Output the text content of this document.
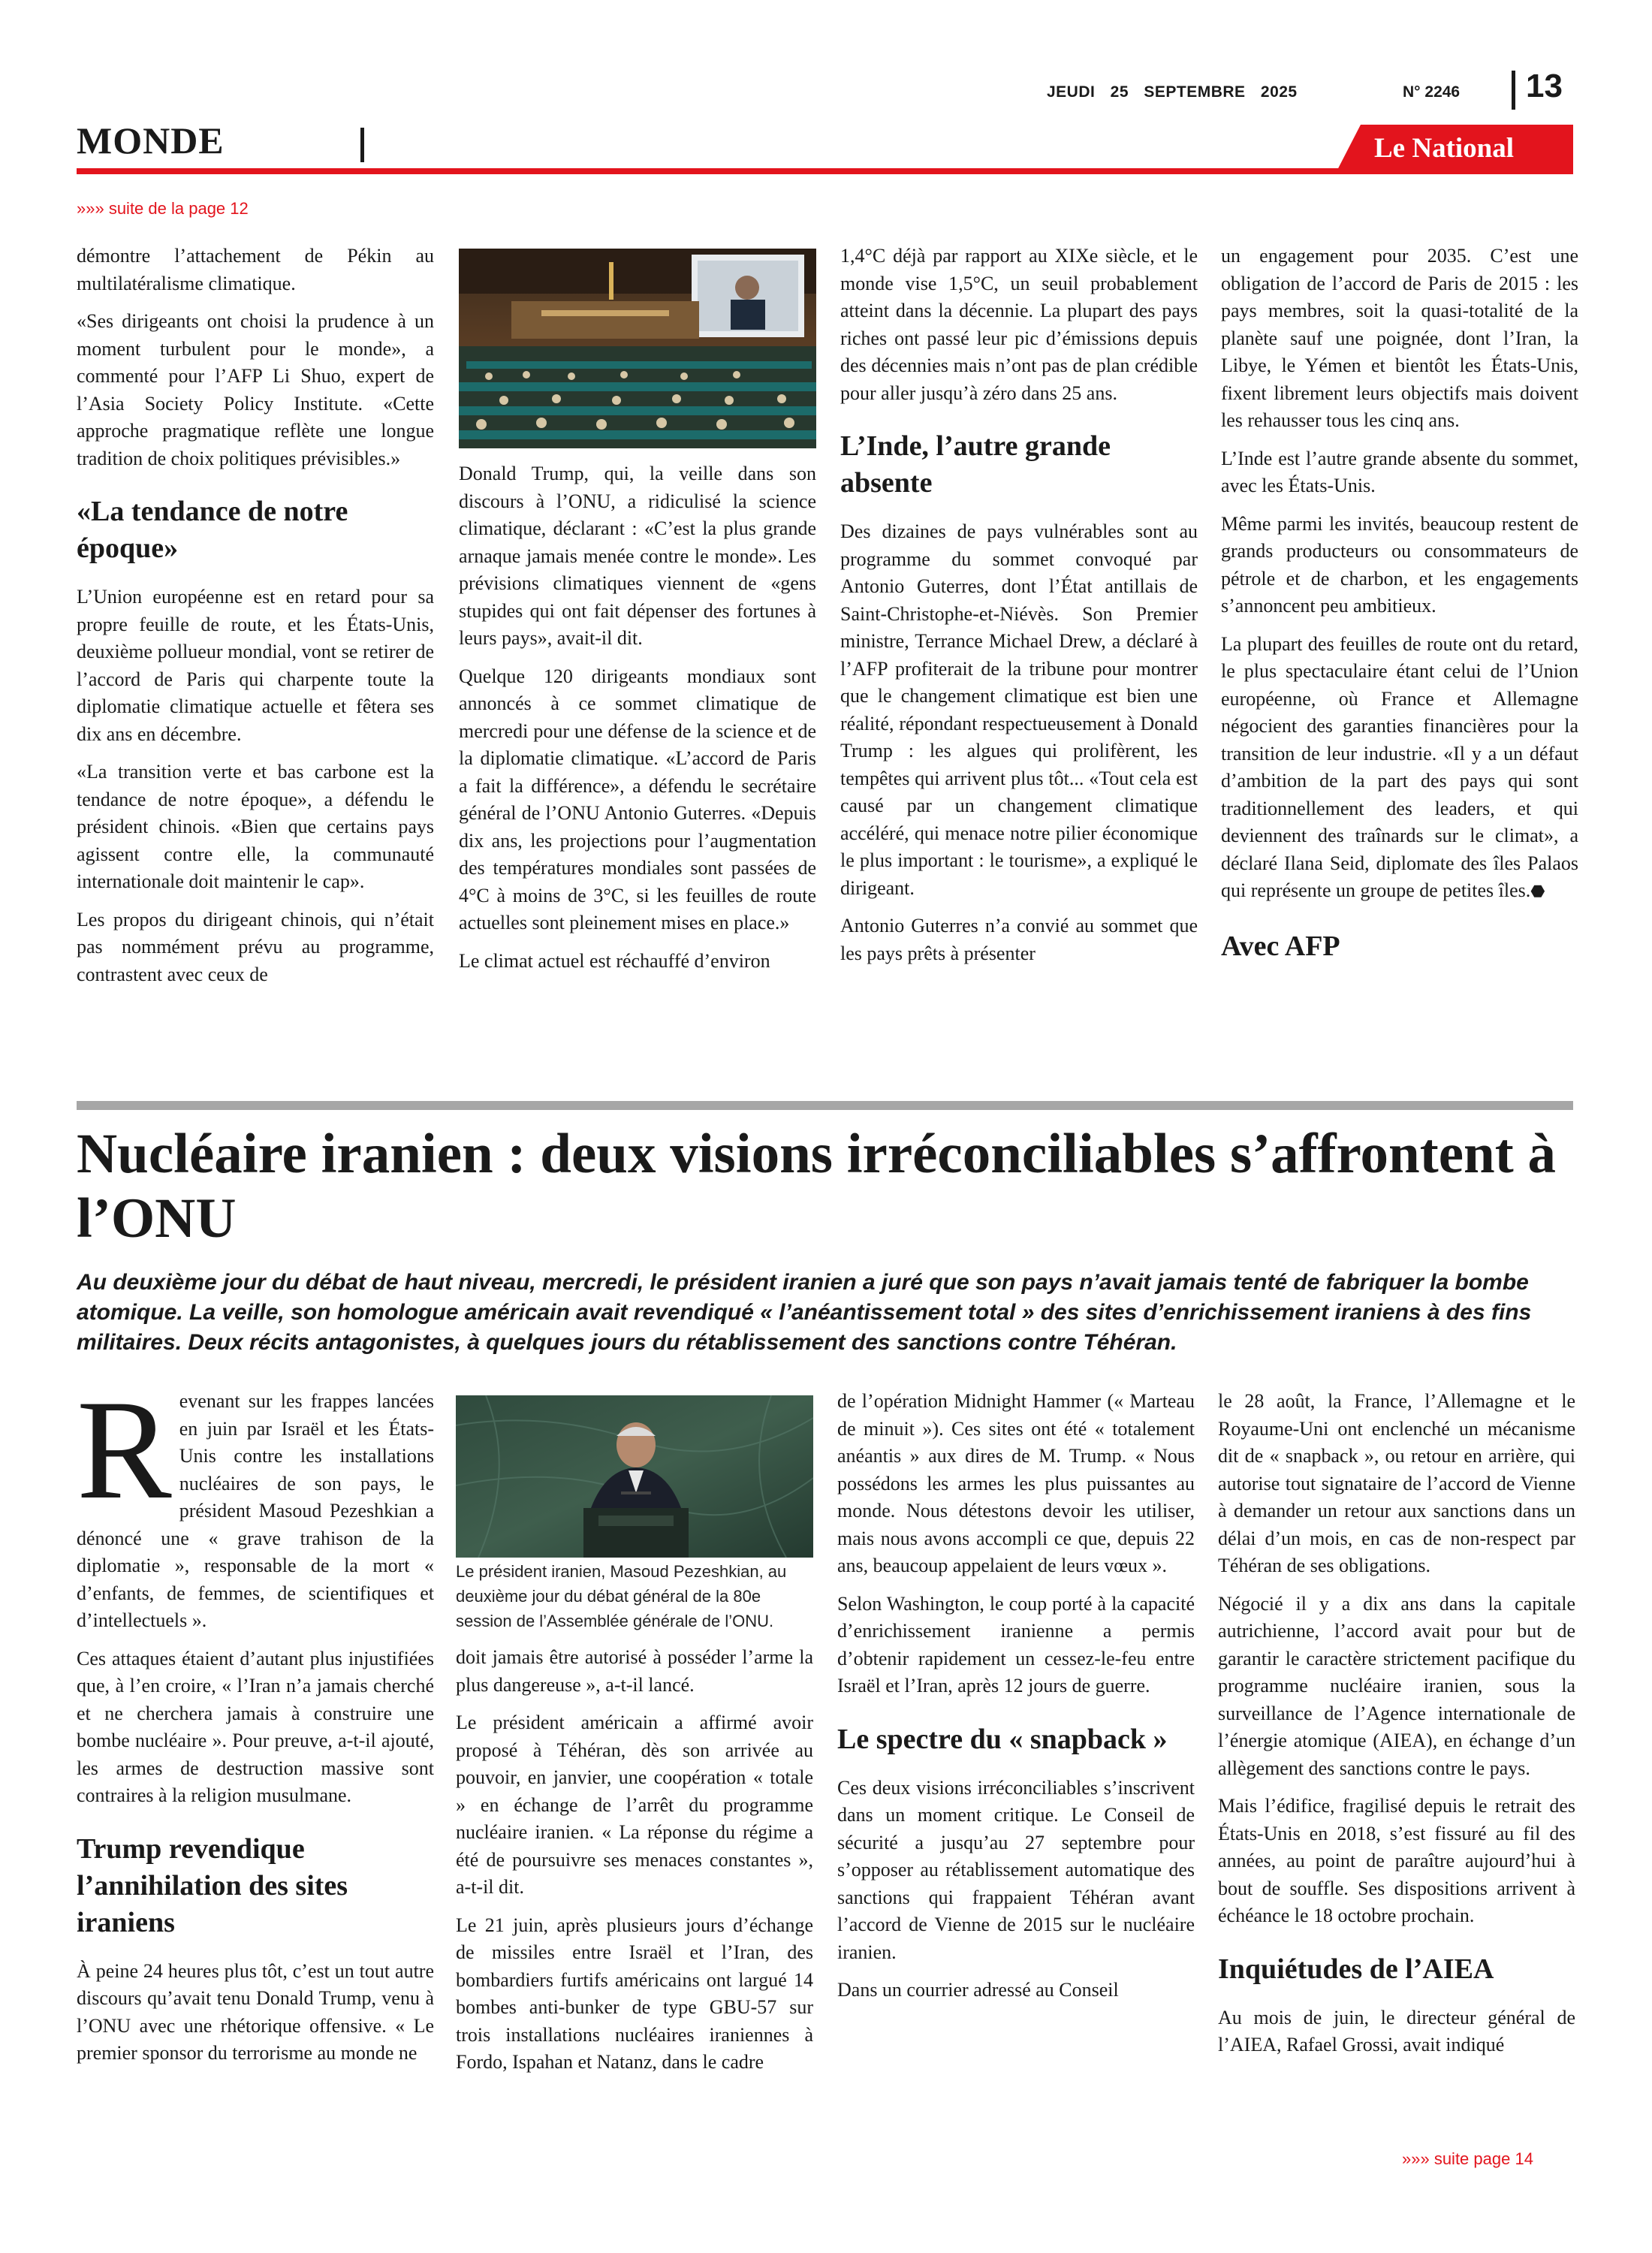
JEUDI 25 SEPTEMBRE 2025	N° 2246 13
MONDE	Le National
»»» suite de la page 12

démontre l’attachement de Pékin au multilatéralisme climatique.

«Ses dirigeants ont choisi la prudence à un moment turbulent pour le monde», a commenté pour l’AFP Li Shuo, expert de l’Asia Society Policy Institute. «Cette approche pragmatique reflète une longue tradition de choix politiques prévisibles.»

«La tendance de notre époque»

L’Union européenne est en retard pour sa propre feuille de route, et les États-Unis, deuxième pollueur mondial, vont se retirer de l’accord de Paris qui charpente toute la diplomatie climatique actuelle et fêtera ses dix ans en décembre.

«La transition verte et bas carbone est la tendance de notre époque», a défendu le président chinois. «Bien que certains pays agissent contre elle, la communauté internationale doit maintenir le cap».

Les propos du dirigeant chinois, qui n’était pas nommément prévu au programme, contrastent avec ceux de

Donald Trump, qui, la veille dans son discours à l’ONU, a ridiculisé la science climatique, déclarant : «C’est la plus grande arnaque jamais menée contre le monde». Les prévisions climatiques viennent de «gens stupides qui ont fait dépenser des fortunes à leurs pays», avait-il dit.

Quelque 120 dirigeants mondiaux sont annoncés à ce sommet climatique de mercredi pour une défense de la science et de la diplomatie climatique. «L’accord de Paris a fait la différence», a défendu le secrétaire général de l’ONU Antonio Guterres. «Depuis dix ans, les projections pour l’augmentation des températures mondiales sont passées de 4°C à moins de 3°C, si les feuilles de route actuelles sont pleinement mises en place.»

Le climat actuel est réchauffé d’environ

1,4°C déjà par rapport au XIXe siècle, et le monde vise 1,5°C, un seuil probablement atteint dans la décennie. La plupart des pays riches ont passé leur pic d’émissions depuis des décennies mais n’ont pas de plan crédible pour aller jusqu’à zéro dans 25 ans.

L’Inde, l’autre grande absente

Des dizaines de pays vulnérables sont au programme du sommet convoqué par Antonio Guterres, dont l’État antillais de Saint-Christophe-et-Niévès. Son Premier ministre, Terrance Michael Drew, a déclaré à l’AFP profiterait de la tribune pour montrer que le changement climatique est bien une réalité, répondant respectueusement à Donald Trump : les algues qui prolifèrent, les tempêtes qui arrivent plus tôt... «Tout cela est causé par un changement climatique accéléré, qui menace notre pilier économique le plus important : le tourisme», a expliqué le dirigeant.

Antonio Guterres n’a convié au sommet que les pays prêts à présenter

un engagement pour 2035. C’est une obligation de l’accord de Paris de 2015 : les pays membres, soit la quasi-totalité de la planète sauf une poignée, dont l’Iran, la Libye, le Yémen et bientôt les États-Unis, fixent librement leurs objectifs mais doivent les rehausser tous les cinq ans.

L’Inde est l’autre grande absente du sommet, avec les États-Unis.

Même parmi les invités, beaucoup restent de grands producteurs ou consommateurs de pétrole et de charbon, et les engagements s’annoncent peu ambitieux.

La plupart des feuilles de route ont du retard, le plus spectaculaire étant celui de l’Union européenne, où France et Allemagne négocient des garanties financières pour la transition de leur industrie. «Il y a un défaut d’ambition de la part des pays qui sont traditionnellement des leaders, et qui deviennent des traînards sur le climat», a déclaré Ilana Seid, diplomate des îles Palaos qui représente un groupe de petites îles.⬣

Avec AFP

Nucléaire iranien : deux visions irréconciliables s’affrontent à l’ONU
Au deuxième jour du débat de haut niveau, mercredi, le président iranien a juré que son pays n’avait jamais tenté de fabriquer la bombe atomique. La veille, son homologue américain avait revendiqué « l’anéantissement total » des sites d’enrichissement iraniens à des fins militaires. Deux récits antagonistes, à quelques jours du rétablissement des sanctions contre Téhéran.

Revenant sur les frappes lancées en juin par Israël et les États-Unis contre les installations nucléaires de son pays, le président Masoud Pezeshkian a dénoncé une « grave trahison de la diplomatie », responsable de la mort « d’enfants, de femmes, de scientifiques et d’intellectuels ».

Ces attaques étaient d’autant plus injustifiées que, à l’en croire, « l’Iran n’a jamais cherché et ne cherchera jamais à construire une bombe nucléaire ». Pour preuve, a-t-il ajouté, les armes de destruction massive sont contraires à la religion musulmane.

Trump revendique l’annihilation des sites iraniens

À peine 24 heures plus tôt, c’est un tout autre discours qu’avait tenu Donald Trump, venu à l’ONU avec une rhétorique offensive. « Le premier sponsor du terrorisme au monde ne

Le président iranien, Masoud Pezeshkian, au deuxième jour du débat général de la 80e session de l’Assemblée générale de l’ONU.

doit jamais être autorisé à posséder l’arme la plus dangereuse », a-t-il lancé.

Le président américain a affirmé avoir proposé à Téhéran, dès son arrivée au pouvoir, en janvier, une coopération « totale » en échange de l’arrêt du programme nucléaire iranien. « La réponse du régime a été de poursuivre ses menaces constantes », a-t-il dit.

Le 21 juin, après plusieurs jours d’échange de missiles entre Israël et l’Iran, des bombardiers furtifs américains ont largué 14 bombes anti-bunker de type GBU-57 sur trois installations nucléaires iraniennes à Fordo, Ispahan et Natanz, dans le cadre

de l’opération Midnight Hammer (« Marteau de minuit »). Ces sites ont été « totalement anéantis » aux dires de M. Trump. « Nous possédons les armes les plus puissantes au monde. Nous détestons devoir les utiliser, mais nous avons accompli ce que, depuis 22 ans, beaucoup appelaient de leurs vœux ».

Selon Washington, le coup porté à la capacité d’enrichissement iranienne a permis d’obtenir rapidement un cessez-le-feu entre Israël et l’Iran, après 12 jours de guerre.

Le spectre du « snapback »

Ces deux visions irréconciliables s’inscrivent dans un moment critique. Le Conseil de sécurité a jusqu’au 27 septembre pour s’opposer au rétablissement automatique des sanctions qui frappaient Téhéran avant l’accord de Vienne de 2015 sur le nucléaire iranien.

Dans un courrier adressé au Conseil

le 28 août, la France, l’Allemagne et le Royaume-Uni ont enclenché un mécanisme dit de « snapback », ou retour en arrière, qui autorise tout signataire de l’accord de Vienne à demander un retour aux sanctions dans un délai d’un mois, en cas de non-respect par Téhéran de ses obligations.

Négocié il y a dix ans dans la capitale autrichienne, l’accord avait pour but de garantir le caractère strictement pacifique du programme nucléaire iranien, sous la surveillance de l’Agence internationale de l’énergie atomique (AIEA), en échange d’un allègement des sanctions contre le pays.

Mais l’édifice, fragilisé depuis le retrait des États-Unis en 2018, s’est fissuré au fil des années, au point de paraître aujourd’hui à bout de souffle. Ses dispositions arrivent à échéance le 18 octobre prochain.

Inquiétudes de l’AIEA

Au mois de juin, le directeur général de l’AIEA, Rafael Grossi, avait indiqué

»»» suite page 14
